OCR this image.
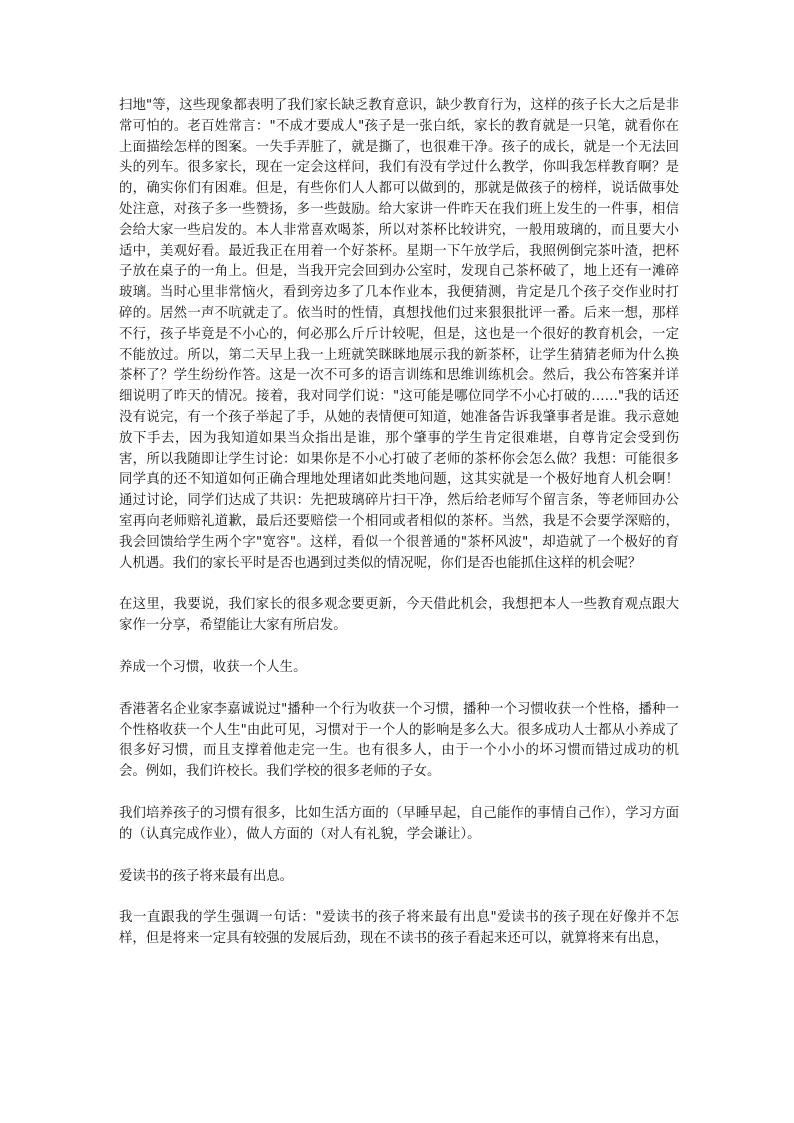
扫地"等，这些现象都表明了我们家长缺乏教育意识，缺少教育行为，这样的孩子长大之后是非常可怕的。老百姓常言："不成才要成人"孩子是一张白纸，家长的教育就是一只笔，就看你在上面描绘怎样的图案。一失手弄脏了，就是撕了，也很难干净。孩子的成长，就是一个无法回头的列车。很多家长，现在一定会这样问，我们有没有学过什么教学，你叫我怎样教育啊？是的，确实你们有困难。但是，有些你们人人都可以做到的，那就是做孩子的榜样，说话做事处处注意，对孩子多一些赞扬，多一些鼓励。给大家讲一件昨天在我们班上发生的一件事，相信会给大家一些启发的。本人非常喜欢喝茶，所以对茶杯比较讲究，一般用玻璃的，而且要大小适中，美观好看。最近我正在用着一个好茶杯。星期一下午放学后，我照例倒完茶叶渣，把杯子放在桌子的一角上。但是，当我开完会回到办公室时，发现自己茶杯破了，地上还有一滩碎玻璃。当时心里非常恼火，看到旁边多了几本作业本，我便猜测，肯定是几个孩子交作业时打碎的。居然一声不吭就走了。依当时的性情，真想找他们过来狠狠批评一番。后来一想，那样不行，孩子毕竟是不小心的，何必那么斤斤计较呢，但是，这也是一个很好的教育机会，一定不能放过。所以，第二天早上我一上班就笑眯眯地展示我的新茶杯，让学生猜猜老师为什么换茶杯了？学生纷纷作答。这是一次不可多的语言训练和思维训练机会。然后，我公布答案并详细说明了昨天的情况。接着，我对同学们说："这可能是哪位同学不小心打破的……"我的话还没有说完，有一个孩子举起了手，从她的表情便可知道，她准备告诉我肇事者是谁。我示意她放下手去，因为我知道如果当众指出是谁，那个肇事的学生肯定很难堪，自尊肯定会受到伤害，所以我随即让学生讨论：如果你是不小心打破了老师的茶杯你会怎么做？我想：可能很多同学真的还不知道如何正确合理地处理诸如此类地问题，这其实就是一个极好地育人机会啊！通过讨论，同学们达成了共识：先把玻璃碎片扫干净，然后给老师写个留言条，等老师回办公室再向老师赔礼道歉，最后还要赔偿一个相同或者相似的茶杯。当然，我是不会要学深赔的，我会回馈给学生两个字"宽容"。这样，看似一个很普通的"茶杯风波"，却造就了一个极好的育人机遇。我们的家长平时是否也遇到过类似的情况呢，你们是否也能抓住这样的机会呢？

在这里，我要说，我们家长的很多观念要更新，今天借此机会，我想把本人一些教育观点跟大家作一分享，希望能让大家有所启发。

养成一个习惯，收获一个人生。

香港著名企业家李嘉诚说过"播种一个行为收获一个习惯，播种一个习惯收获一个性格，播种一个性格收获一个人生"由此可见，习惯对于一个人的影响是多么大。很多成功人士都从小养成了很多好习惯，而且支撑着他走完一生。也有很多人，由于一个小小的坏习惯而错过成功的机会。例如，我们许校长。我们学校的很多老师的子女。

我们培养孩子的习惯有很多，比如生活方面的（早睡早起，自己能作的事情自己作），学习方面的（认真完成作业），做人方面的（对人有礼貌，学会谦让）。

爱读书的孩子将来最有出息。

我一直跟我的学生强调一句话："爱读书的孩子将来最有出息"爱读书的孩子现在好像并不怎样，但是将来一定具有较强的发展后劲，现在不读书的孩子看起来还可以，就算将来有出息，
